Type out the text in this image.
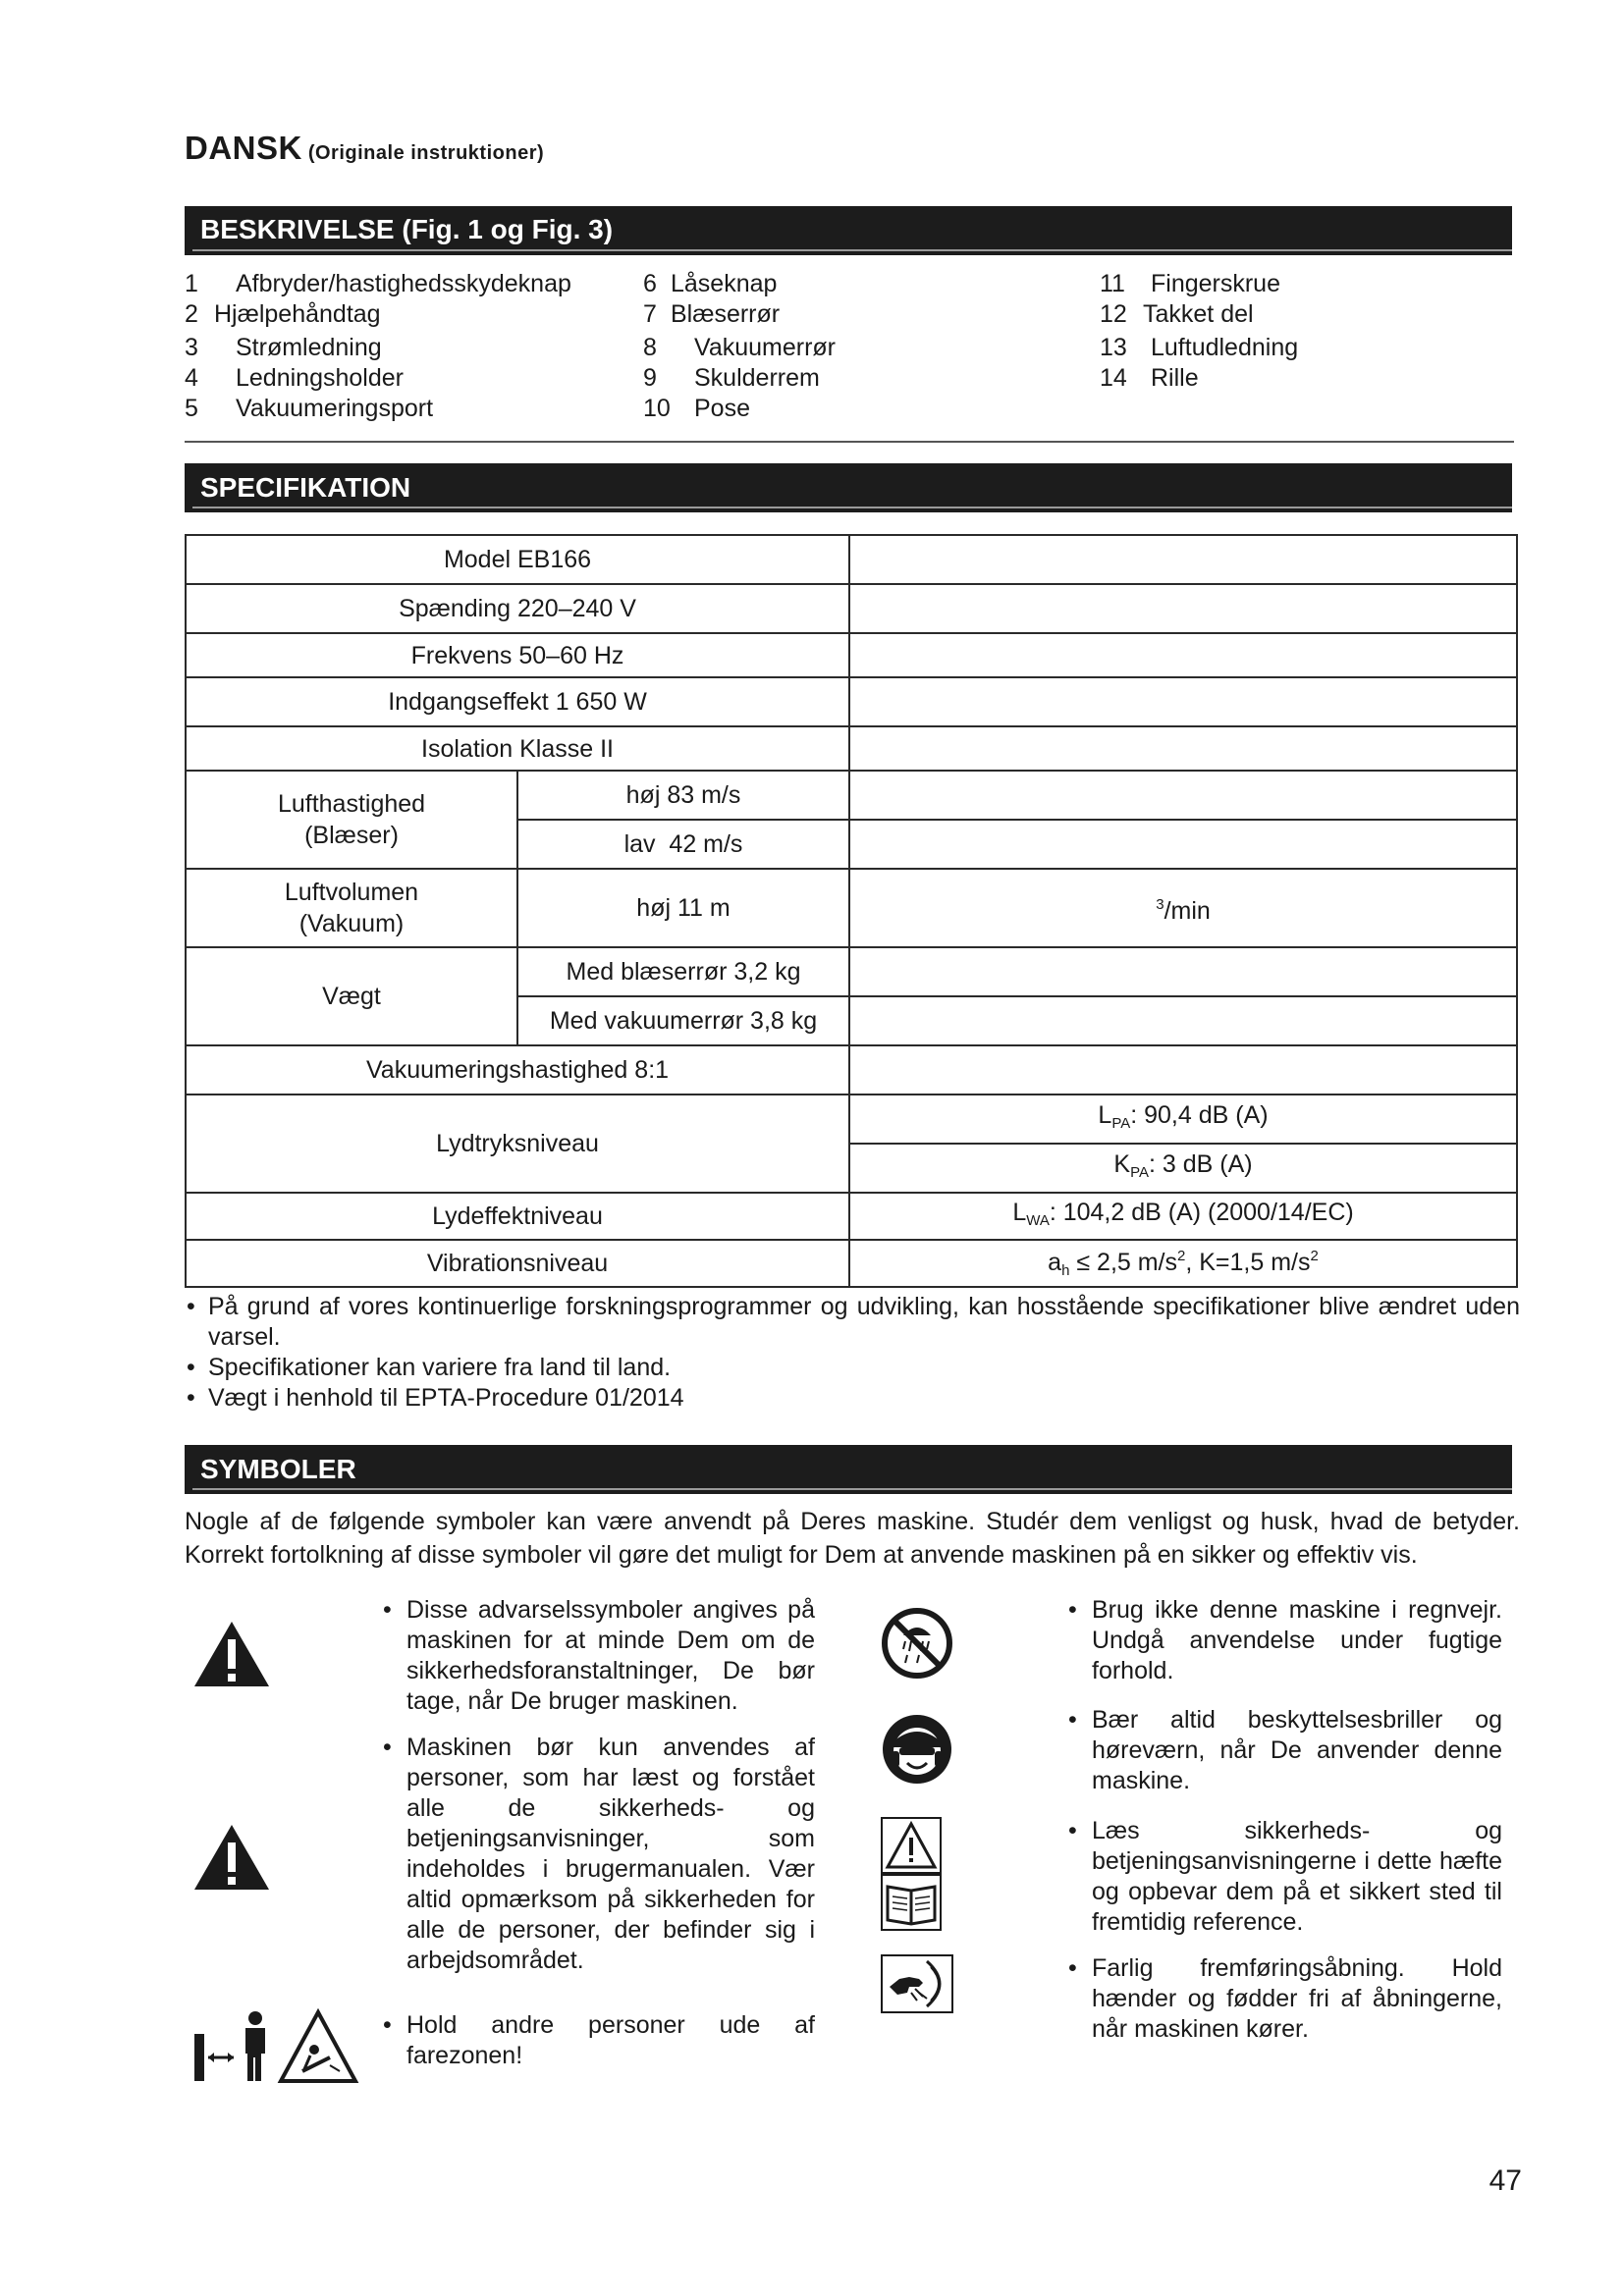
DANSK (Originale instruktioner)
BESKRIVELSE (Fig. 1 og Fig. 3)
1	Afbryder/hastighedsskydeknap
2 Hjælpehåndtag
3	Strømledning
4	Ledningsholder
5	Vakuumeringsport
6 Låseknap
7 Blæserrør
8	Vakuumerrør
9	Skulderrem
10 Pose
11	Fingerskrue
12 Takket del
13 Luftudledning
14 Rille
SPECIFIKATION
Model EB166		
Spænding 220–240 V		
Frekvens 50–60 Hz		
Indgangseffekt 1 650 W		
Isolation Klasse II		

Lufthastighed
(Blæser)	høj 83 m/s	
	lav  42 m/s	

Luftvolumen
(Vakuum)	høj 11 m	$^3$/min
Vægt	Med blæserrør 3,2 kg	
	Med vakuumerrør 3,8 kg	
Vakuumeringshastighed 8:1		
Lydtryksniveau		$L_{PA}$: 90,4 dB (A)
		$K_{PA}$: 3 dB (A)
Lydeffektniveau		$L_{WA}$: 104,2 dB (A) (2000/14/EC)
Vibrationsniveau		$a_h \le 2,5$ $m/s^2$, K=1,5 $m/s^2$
• På grund af vores kontinuerlige forskningsprogrammer og udvikling, kan hosstående specifikationer blive ændret uden varsel.
• Specifikationer kan variere fra land til land.
• Vægt i henhold til EPTA-Procedure 01/2014
SYMBOLER
Nogle af de følgende symboler kan være anvendt på Deres maskine. Studér dem venligst og husk, hvad de betyder. Korrekt fortolkning af disse symboler vil gøre det muligt for Dem at anvende maskinen på en sikker og effektiv vis.
• Disse advarselssymboler angives på maskinen for at minde Dem om de sikkerhedsforanstaltninger, De bør tage, når De bruger maskinen.
• Maskinen bør kun anvendes af personer, som har læst og forstået alle de sikkerheds- og betjeningsanvisninger, som indeholdes i brugermanualen. Vær altid opmærksom på sikkerheden for alle de personer, der befinder sig i arbejdsområdet.
• Hold andre personer ude af farezonen!
• Brug ikke denne maskine i regnvejr. Undgå anvendelse under fugtige forhold.
• Bær altid beskyttelsesbriller og høreværn, når De anvender denne maskine.
• Læs sikkerheds- og betjeningsanvisningerne i dette hæfte og opbevar dem på et sikkert sted til fremtidig reference.
• Farlig fremføringsåbning. Hold hænder og fødder fri af åbningerne, når maskinen kører.
47
